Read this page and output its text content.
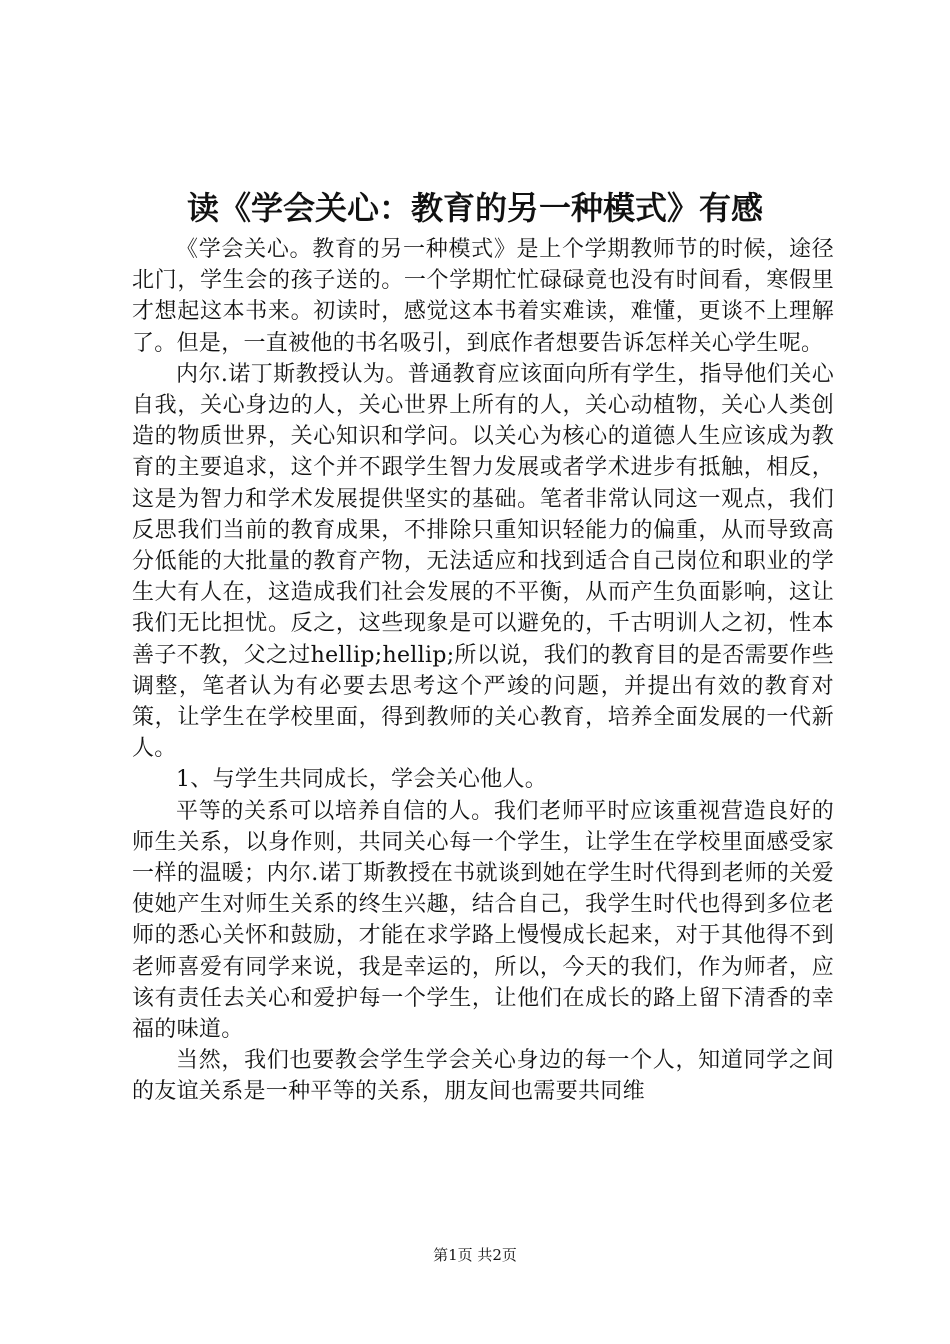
读《学会关心：教育的另一种模式》有感

《学会关心。教育的另一种模式》是上个学期教师节的时候，途径北门，学生会的孩子送的。一个学期忙忙碌碌竟也没有时间看，寒假里才想起这本书来。初读时，感觉这本书着实难读，难懂，更谈不上理解了。但是，一直被他的书名吸引，到底作者想要告诉怎样关心学生呢。

内尔.诺丁斯教授认为。普通教育应该面向所有学生，指导他们关心自我，关心身边的人，关心世界上所有的人，关心动植物，关心人类创造的物质世界，关心知识和学问。以关心为核心的道德人生应该成为教育的主要追求，这个并不跟学生智力发展或者学术进步有抵触，相反，这是为智力和学术发展提供坚实的基础。笔者非常认同这一观点，我们反思我们当前的教育成果，不排除只重知识轻能力的偏重，从而导致高分低能的大批量的教育产物，无法适应和找到适合自己岗位和职业的学生大有人在，这造成我们社会发展的不平衡，从而产生负面影响，这让我们无比担忧。反之，这些现象是可以避免的，千古明训人之初，性本善子不教，父之过hellip;hellip;所以说，我们的教育目的是否需要作些调整，笔者认为有必要去思考这个严竣的问题，并提出有效的教育对策，让学生在学校里面，得到教师的关心教育，培养全面发展的一代新人。

1、与学生共同成长，学会关心他人。

平等的关系可以培养自信的人。我们老师平时应该重视营造良好的师生关系，以身作则，共同关心每一个学生，让学生在学校里面感受家一样的温暖；内尔.诺丁斯教授在书就谈到她在学生时代得到老师的关爱使她产生对师生关系的终生兴趣，结合自己，我学生时代也得到多位老师的悉心关怀和鼓励，才能在求学路上慢慢成长起来，对于其他得不到老师喜爱有同学来说，我是幸运的，所以，今天的我们，作为师者，应该有责任去关心和爱护每一个学生，让他们在成长的路上留下清香的幸福的味道。

当然，我们也要教会学生学会关心身边的每一个人，知道同学之间的友谊关系是一种平等的关系，朋友间也需要共同维

第1页 共2页
